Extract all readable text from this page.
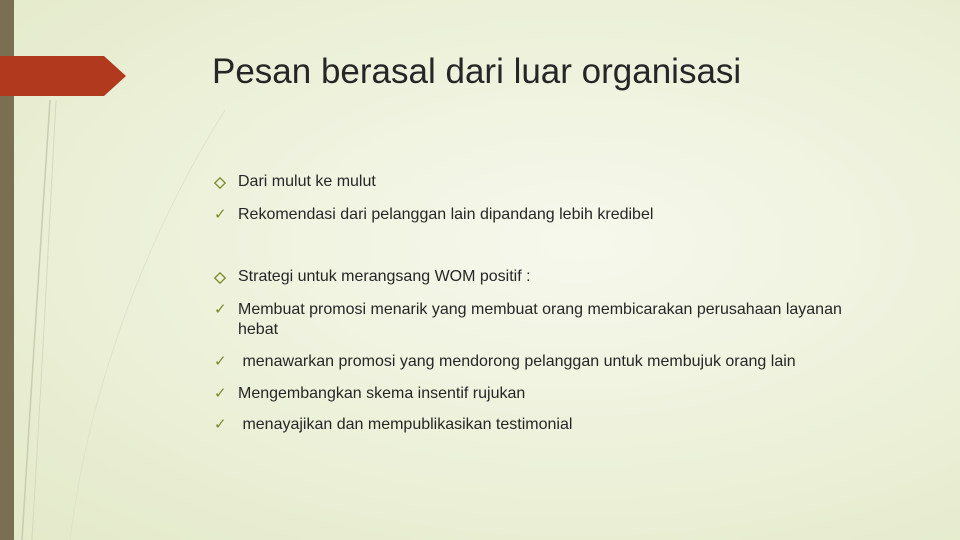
Pesan berasal dari luar organisasi
Dari mulut ke mulut
✓ Rekomendasi dari pelanggan lain dipandang lebih kredibel
Strategi untuk merangsang WOM positif :
✓ Membuat promosi menarik yang membuat orang membicarakan perusahaan layanan hebat
✓ menawarkan promosi yang mendorong pelanggan untuk membujuk orang lain
✓ Mengembangkan skema insentif rujukan
✓ menayajikan dan mempublikasikan testimonial
